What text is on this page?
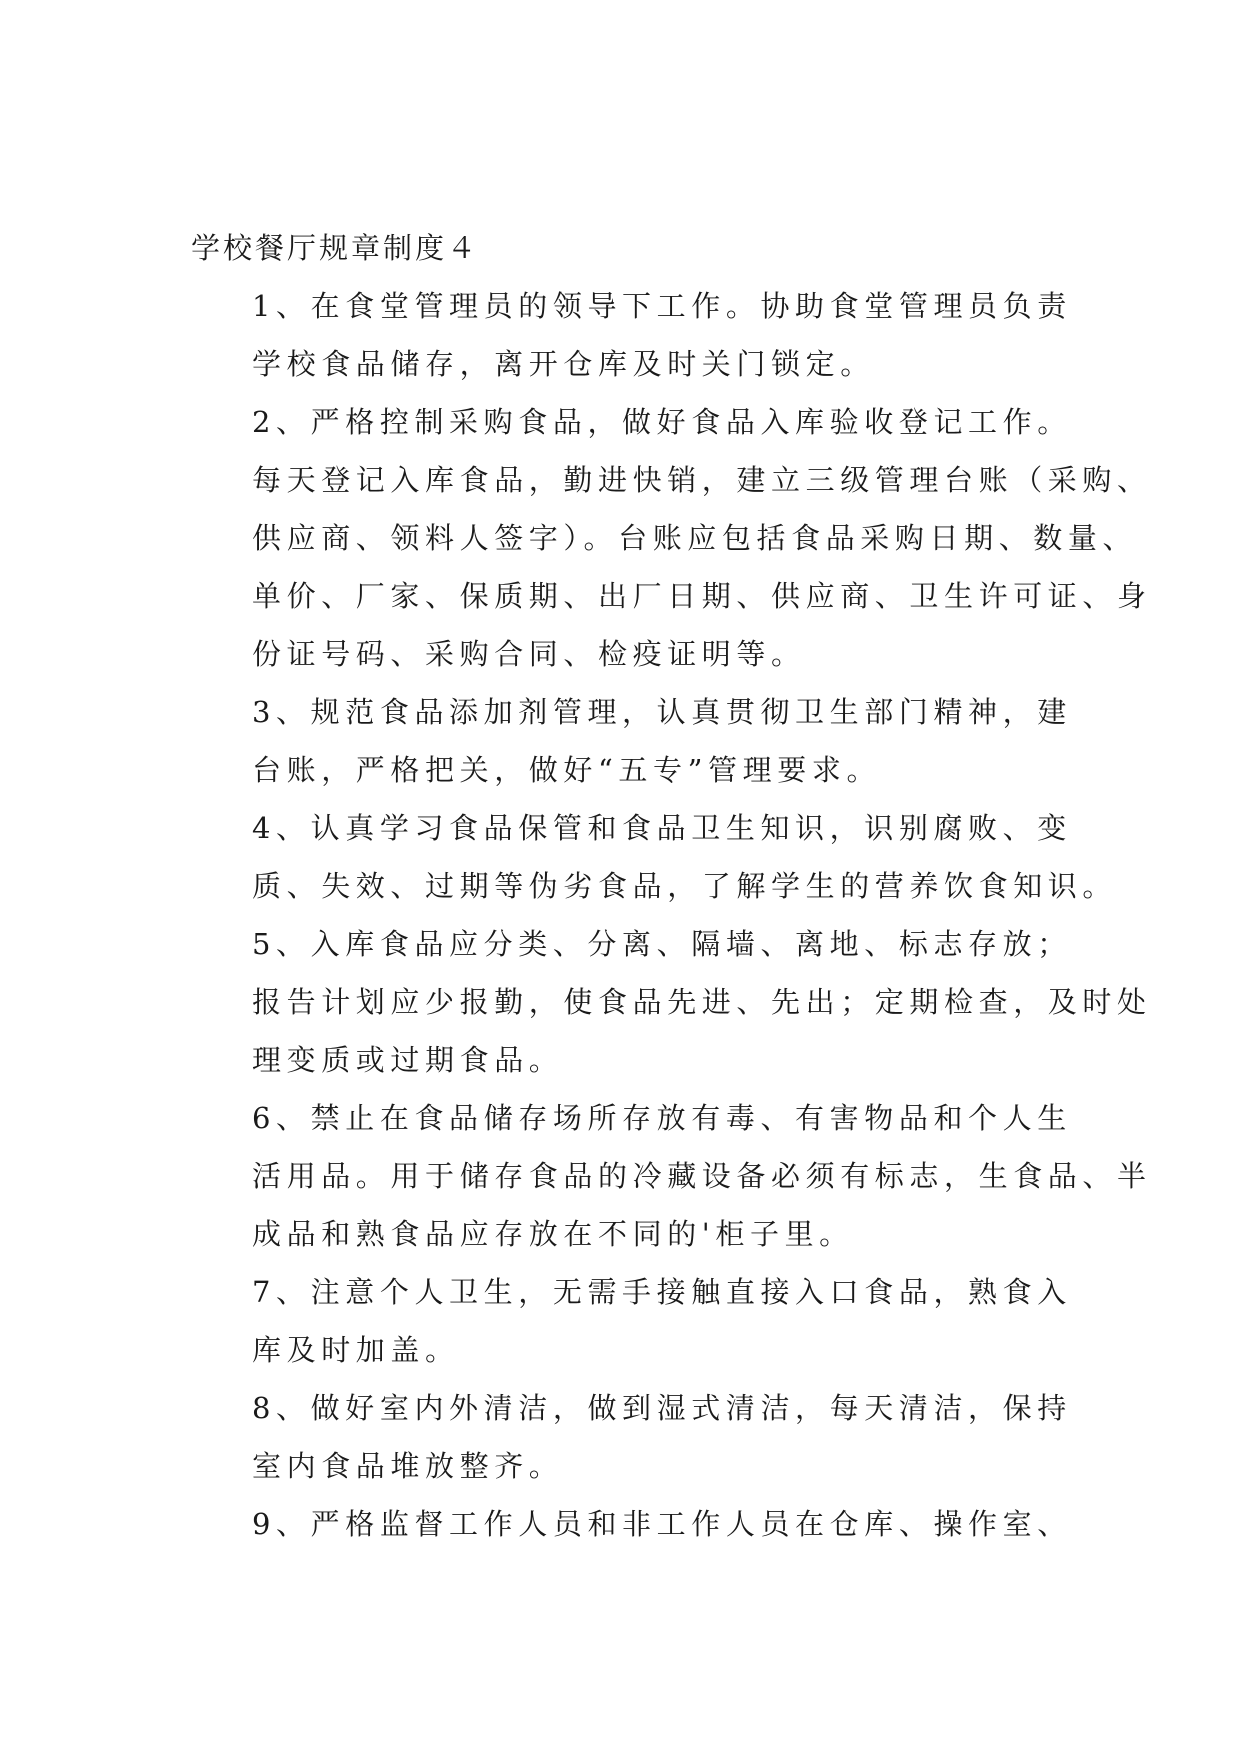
学校餐厅规章制度４

1、在食堂管理员的领导下工作。协助食堂管理员负责
学校食品储存，离开仓库及时关门锁定。

2、严格控制采购食品，做好食品入库验收登记工作。
每天登记入库食品，勤进快销，建立三级管理台账（采购、
供应商、领料人签字）。台账应包括食品采购日期、数量、
单价、厂家、保质期、出厂日期、供应商、卫生许可证、身
份证号码、采购合同、检疫证明等。

3、规范食品添加剂管理，认真贯彻卫生部门精神，建
台账，严格把关，做好“五专”管理要求。

4、认真学习食品保管和食品卫生知识，识别腐败、变
质、失效、过期等伪劣食品，了解学生的营养饮食知识。

5、入库食品应分类、分离、隔墙、离地、标志存放；
报告计划应少报勤，使食品先进、先出；定期检查，及时处
理变质或过期食品。

6、禁止在食品储存场所存放有毒、有害物品和个人生
活用品。用于储存食品的冷藏设备必须有标志，生食品、半
成品和熟食品应存放在不同的'柜子里。

7、注意个人卫生，无需手接触直接入口食品，熟食入
库及时加盖。

8、做好室内外清洁，做到湿式清洁，每天清洁，保持
室内食品堆放整齐。

9、严格监督工作人员和非工作人员在仓库、操作室、
